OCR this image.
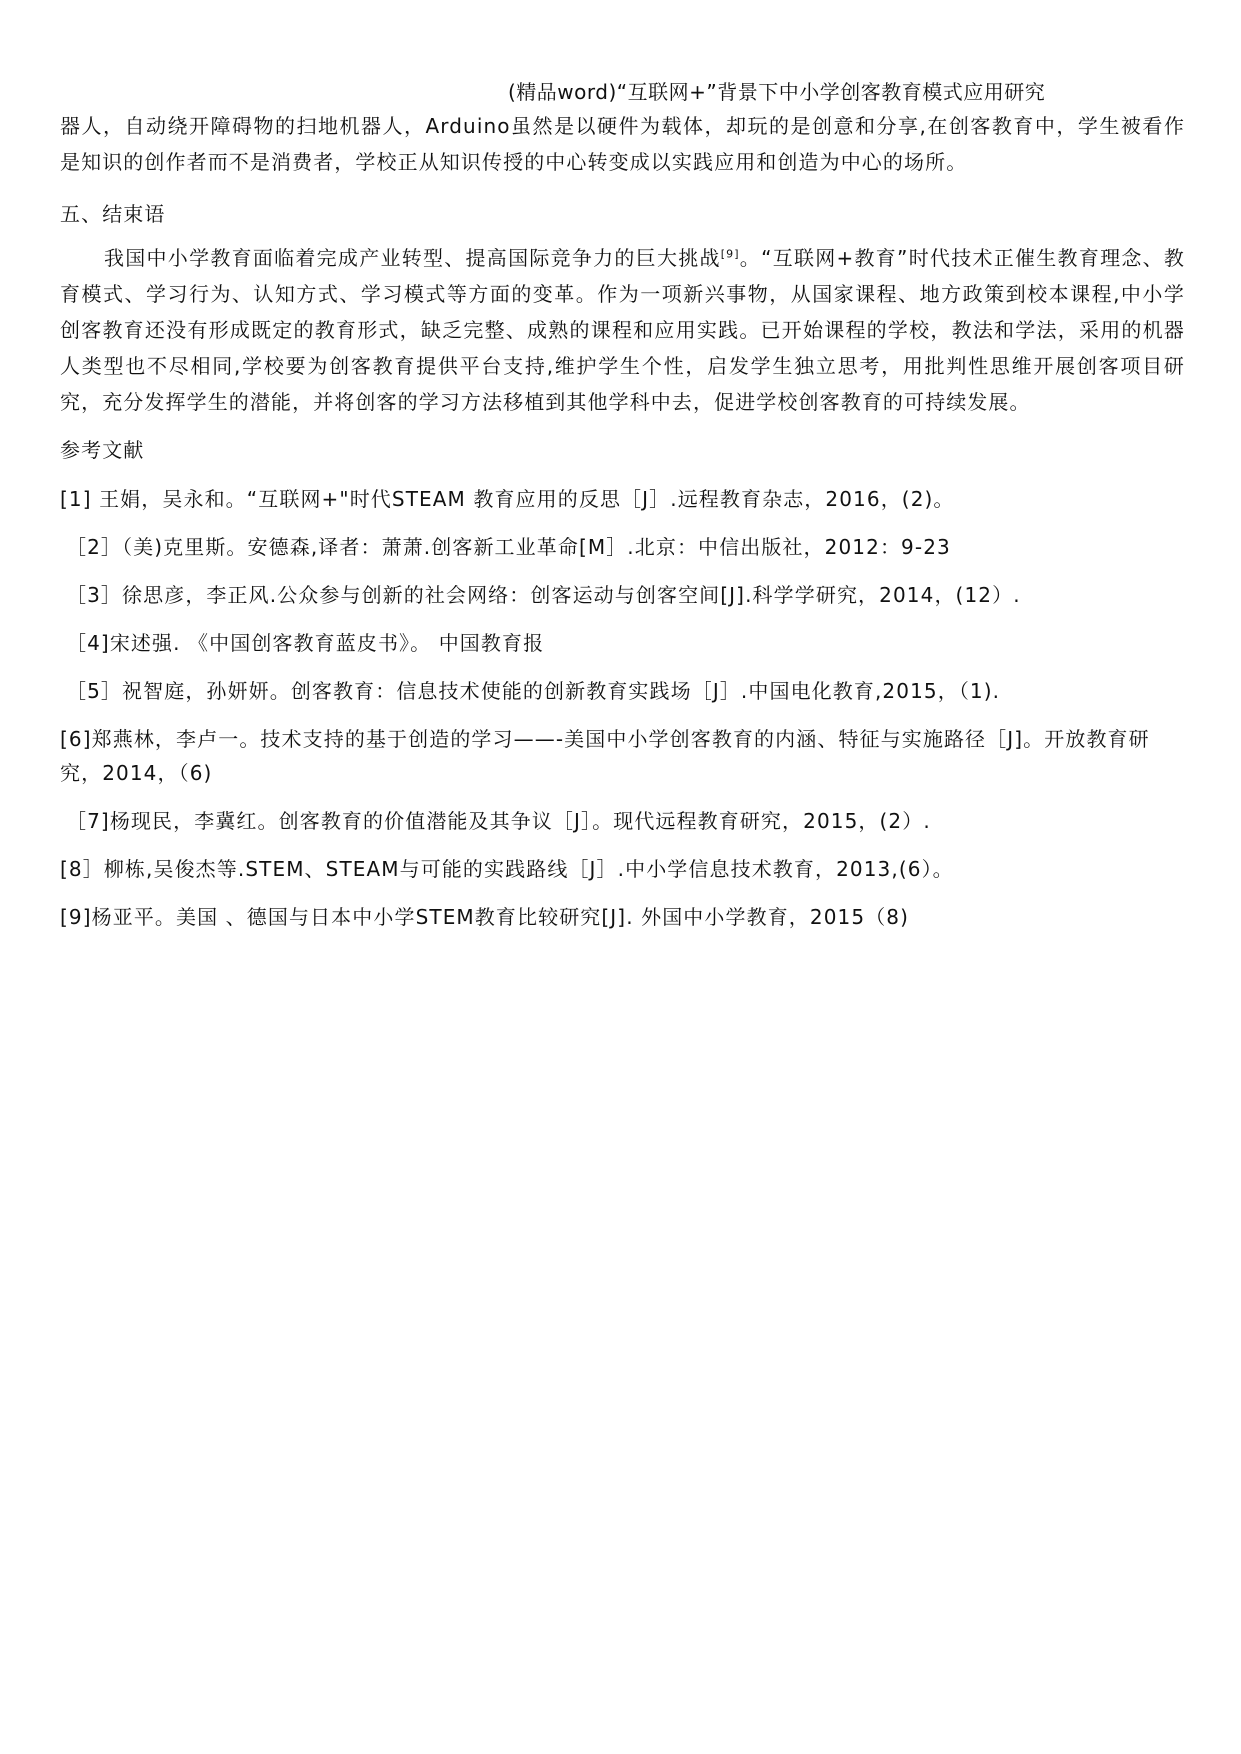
(精品word)“互联网+”背景下中小学创客教育模式应用研究

器人，自动绕开障碍物的扫地机器人，Arduino虽然是以硬件为载体，却玩的是创意和分享,在创客教育中，学生被看作是知识的创作者而不是消费者，学校正从知识传授的中心转变成以实践应用和创造为中心的场所。

五、结束语

我国中小学教育面临着完成产业转型、提高国际竞争力的巨大挑战[9]。“互联网+教育”时代技术正催生教育理念、教育模式、学习行为、认知方式、学习模式等方面的变革。作为一项新兴事物，从国家课程、地方政策到校本课程,中小学创客教育还没有形成既定的教育形式，缺乏完整、成熟的课程和应用实践。已开始课程的学校，教法和学法，采用的机器人类型也不尽相同,学校要为创客教育提供平台支持,维护学生个性，启发学生独立思考，用批判性思维开展创客项目研究，充分发挥学生的潜能，并将创客的学习方法移植到其他学科中去，促进学校创客教育的可持续发展。

参考文献

[1] 王娟，吴永和。“互联网+"时代STEAM 教育应用的反思［J］.远程教育杂志，2016，(2)。

［2］（美)克里斯。安德森,译者：萧萧.创客新工业革命[M］.北京：中信出版社，2012：9-23

［3］徐思彦，李正风.公众参与创新的社会网络：创客运动与创客空间[J].科学学研究，2014，(12）.

［4]宋述强. 《中国创客教育蓝皮书》。 中国教育报

［5］祝智庭，孙妍妍。创客教育：信息技术使能的创新教育实践场［J］.中国电化教育,2015，（1).

[6]郑燕林，李卢一。技术支持的基于创造的学习——-美国中小学创客教育的内涵、特征与实施路径［J]。开放教育研究，2014，（6)

［7]杨现民，李冀红。创客教育的价值潜能及其争议［J］。现代远程教育研究，2015，(2）.

[8］柳栋,吴俊杰等.STEM、STEAM与可能的实践路线［J］.中小学信息技术教育，2013,(6）。

[9]杨亚平。美国 、德国与日本中小学STEM教育比较研究[J]. 外国中小学教育，2015（8)
